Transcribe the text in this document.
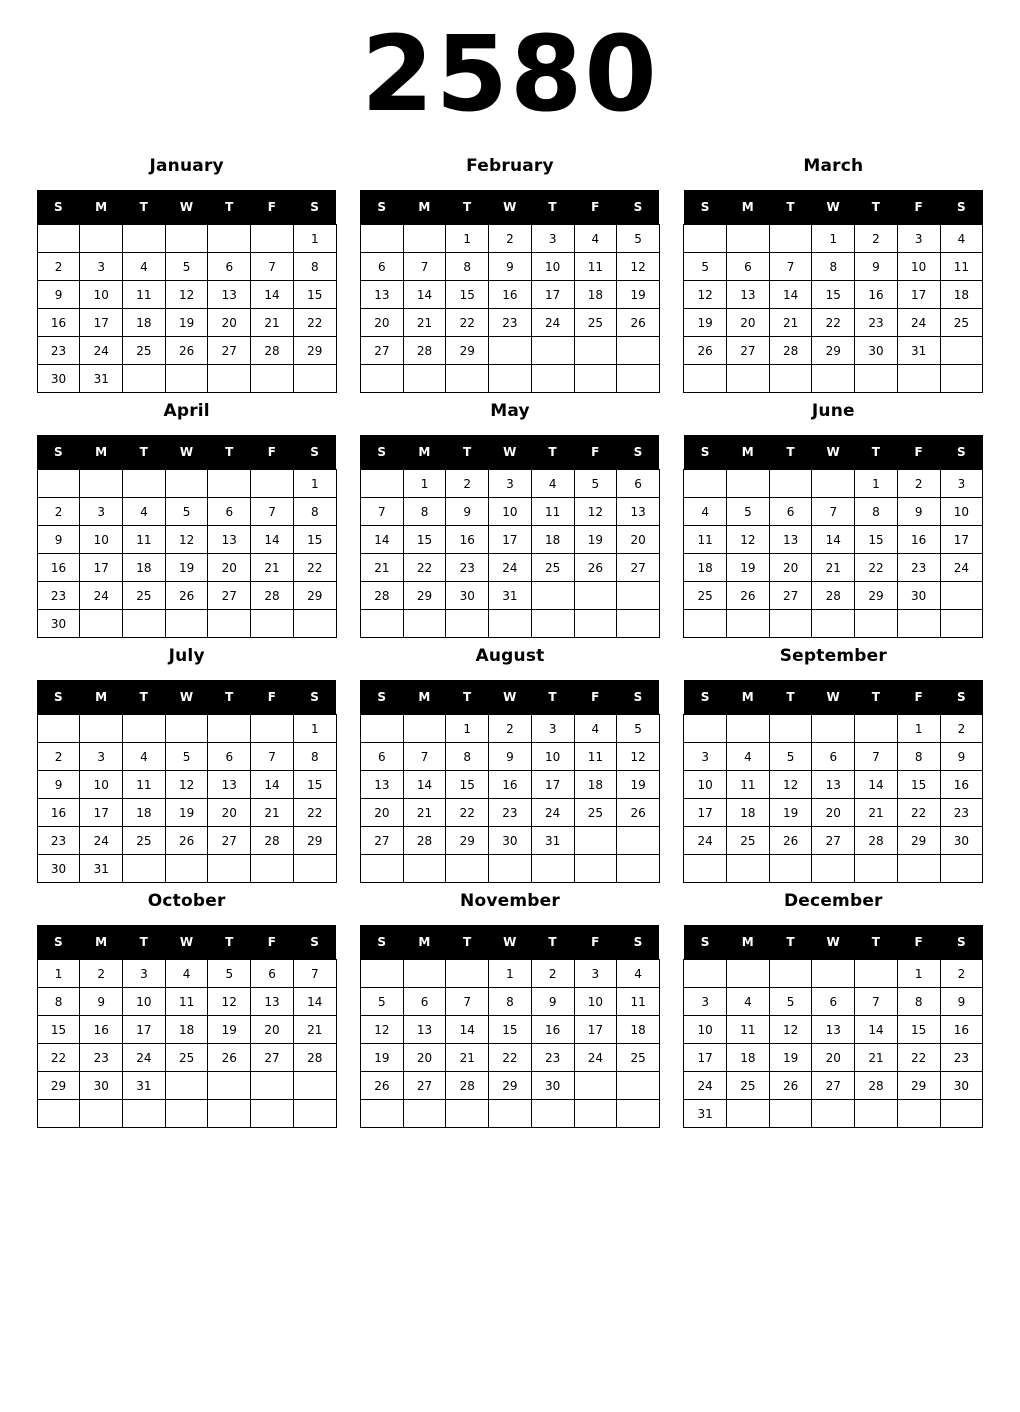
2580
January
S	M	T	W	T	F	S
						1
2	3	4	5	6	7	8
9	10	11	12	13	14	15
16	17	18	19	20	21	22
23	24	25	26	27	28	29
30	31					
February
S	M	T	W	T	F	S
		1	2	3	4	5
6	7	8	9	10	11	12
13	14	15	16	17	18	19
20	21	22	23	24	25	26
27	28	29				

March
S	M	T	W	T	F	S
			1	2	3	4
5	6	7	8	9	10	11
12	13	14	15	16	17	18
19	20	21	22	23	24	25
26	27	28	29	30	31	

April
S	M	T	W	T	F	S
						1
2	3	4	5	6	7	8
9	10	11	12	13	14	15
16	17	18	19	20	21	22
23	24	25	26	27	28	29
30						
May
S	M	T	W	T	F	S
	1	2	3	4	5	6
7	8	9	10	11	12	13
14	15	16	17	18	19	20
21	22	23	24	25	26	27
28	29	30	31			

June
S	M	T	W	T	F	S
				1	2	3
4	5	6	7	8	9	10
11	12	13	14	15	16	17
18	19	20	21	22	23	24
25	26	27	28	29	30	

July
S	M	T	W	T	F	S
						1
2	3	4	5	6	7	8
9	10	11	12	13	14	15
16	17	18	19	20	21	22
23	24	25	26	27	28	29
30	31					
August
S	M	T	W	T	F	S
		1	2	3	4	5
6	7	8	9	10	11	12
13	14	15	16	17	18	19
20	21	22	23	24	25	26
27	28	29	30	31		

September
S	M	T	W	T	F	S
					1	2
3	4	5	6	7	8	9
10	11	12	13	14	15	16
17	18	19	20	21	22	23
24	25	26	27	28	29	30

October
S	M	T	W	T	F	S
1	2	3	4	5	6	7
8	9	10	11	12	13	14
15	16	17	18	19	20	21
22	23	24	25	26	27	28
29	30	31				

November
S	M	T	W	T	F	S
			1	2	3	4
5	6	7	8	9	10	11
12	13	14	15	16	17	18
19	20	21	22	23	24	25
26	27	28	29	30		

December
S	M	T	W	T	F	S
					1	2
3	4	5	6	7	8	9
10	11	12	13	14	15	16
17	18	19	20	21	22	23
24	25	26	27	28	29	30
31						
